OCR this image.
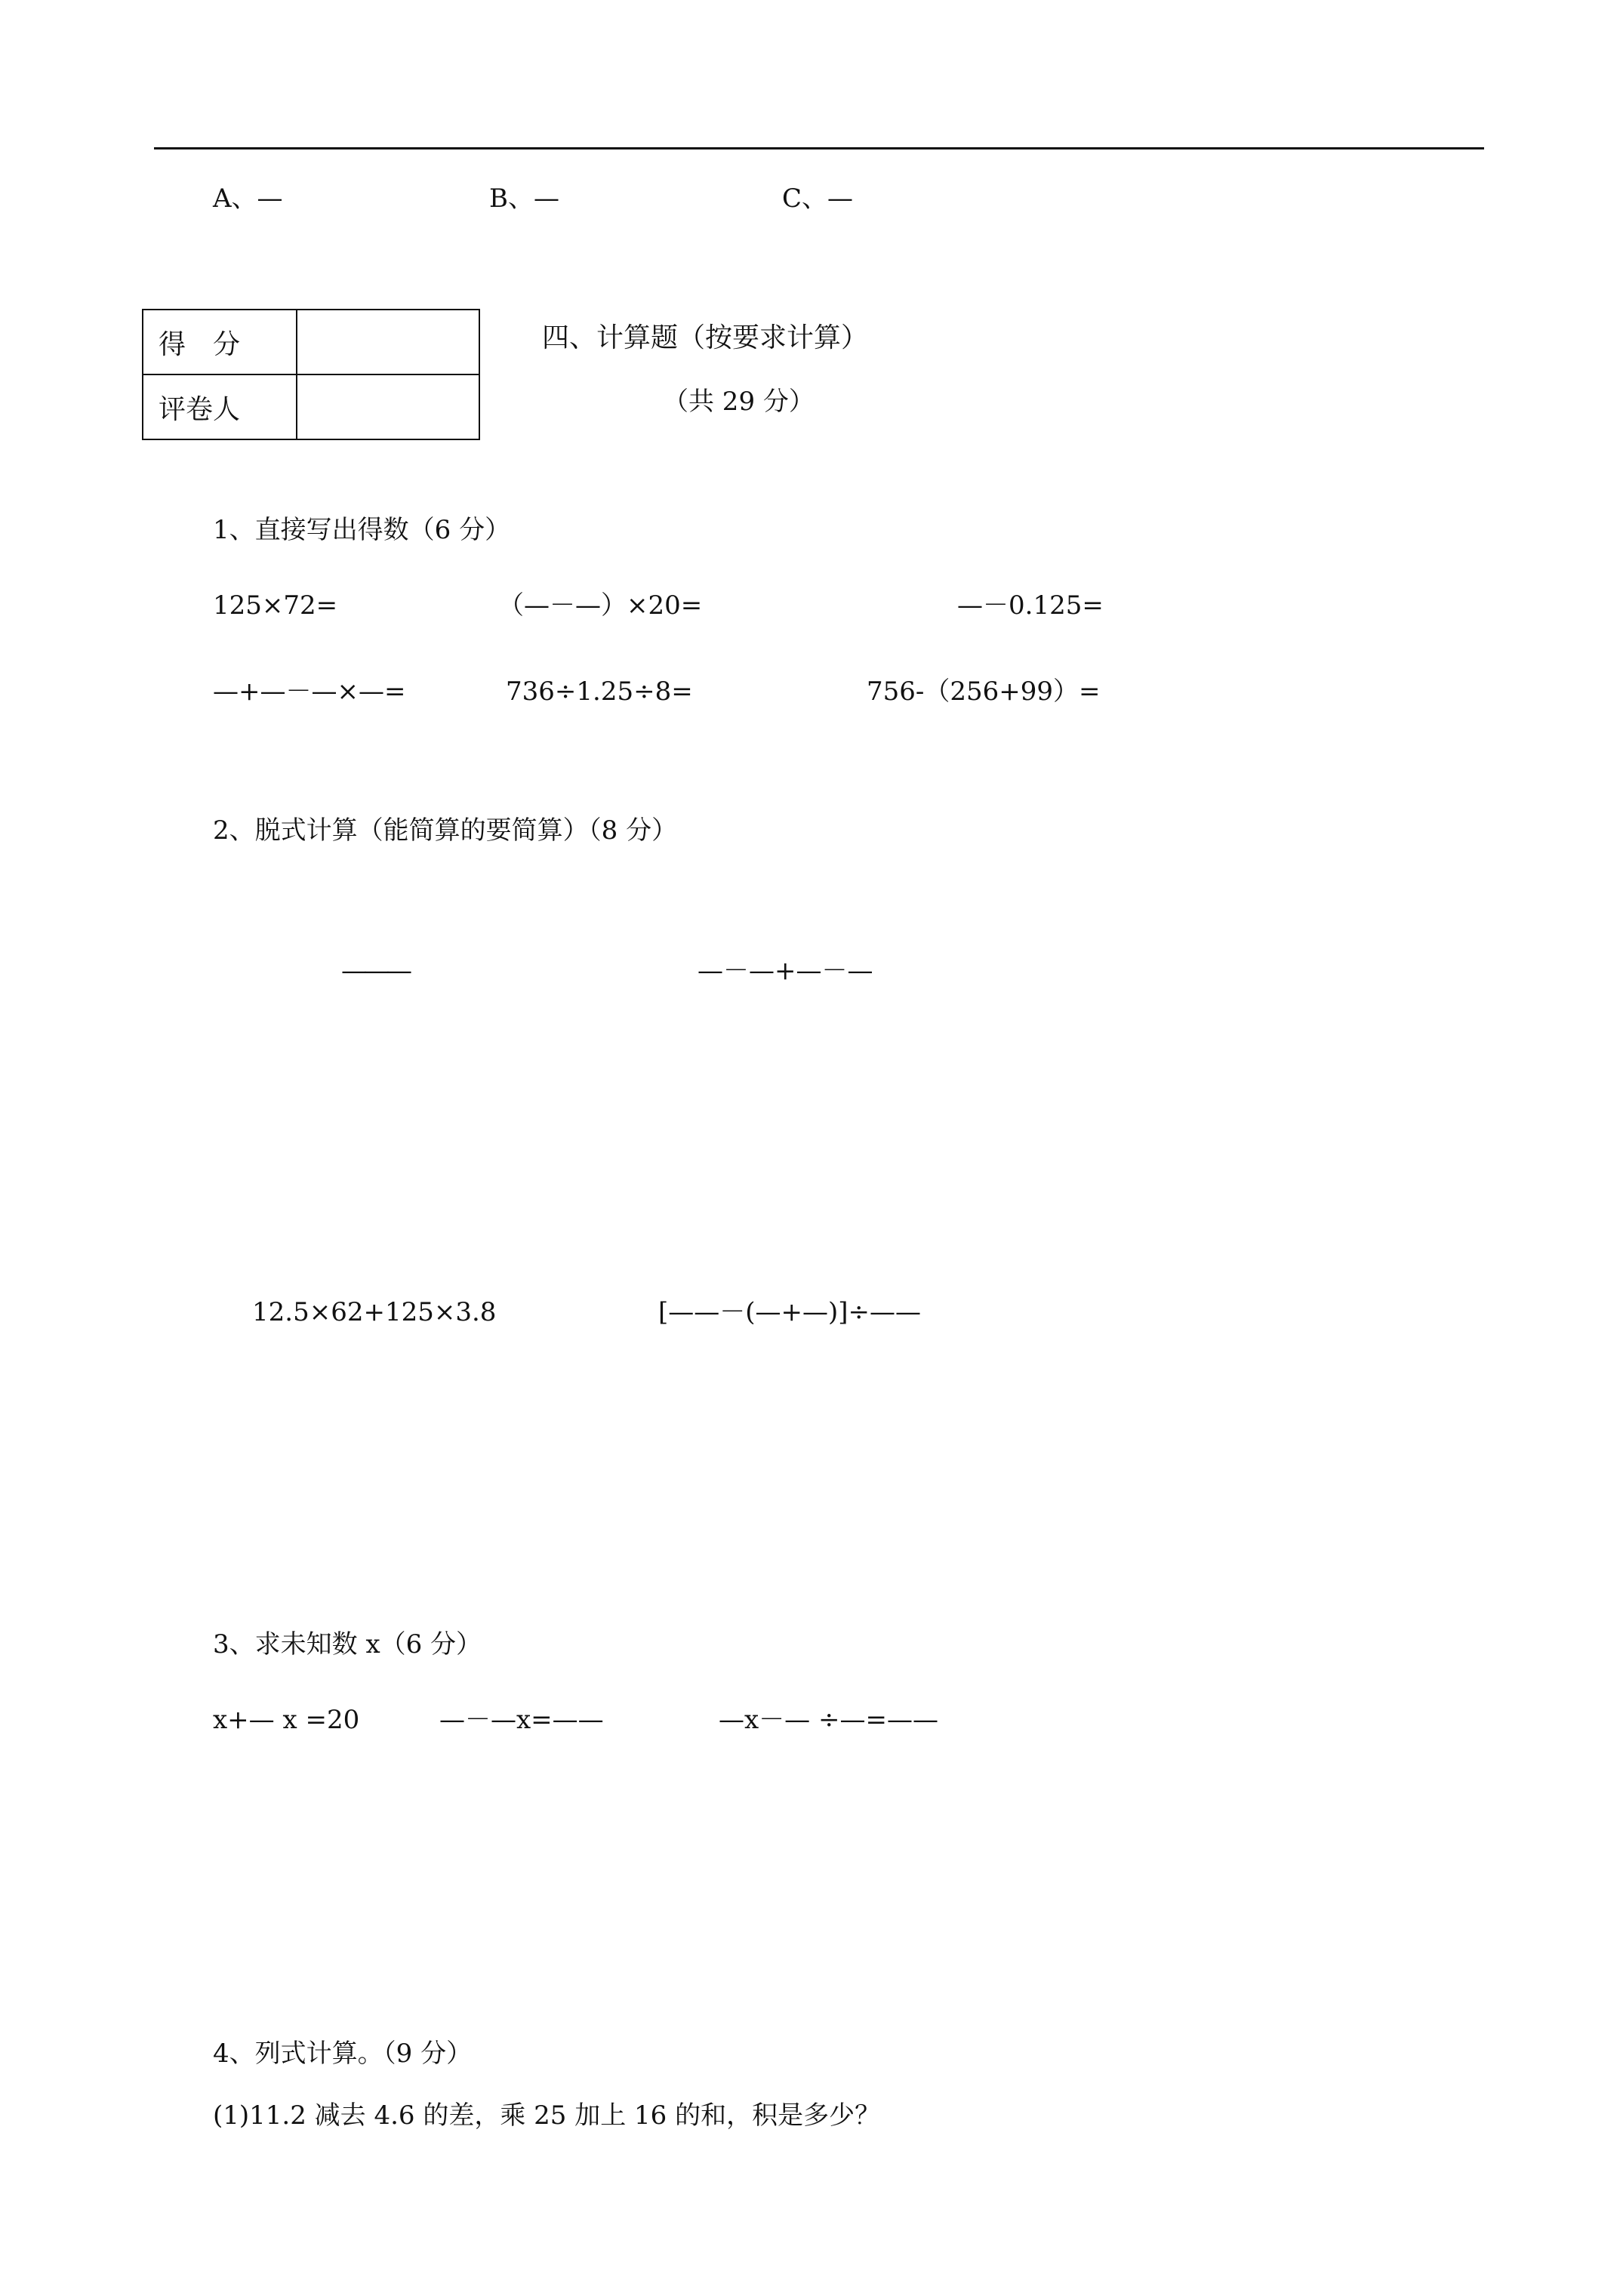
A、—	B、—	C、—
得　分	
评卷人	
四、计算题（按要求计算）
（共 29 分）
1、直接写出得数（6 分）
125×72=	（—－—）×20=	—－0.125=
—+—－—×—=	736÷1.25÷8=	756-（256+99）=
2、脱式计算（能简算的要简算）（8 分）
———	—－—+—－—
12.5×62+125×3.8	[——－(—+—)]÷——
3、求未知数 x（6 分）
x+— x =20	—－—x=——	—x－— ÷—=——
4、列式计算。（9 分）
(1)11.2 减去 4.6 的差，乘 25 加上 16 的和，积是多少？
